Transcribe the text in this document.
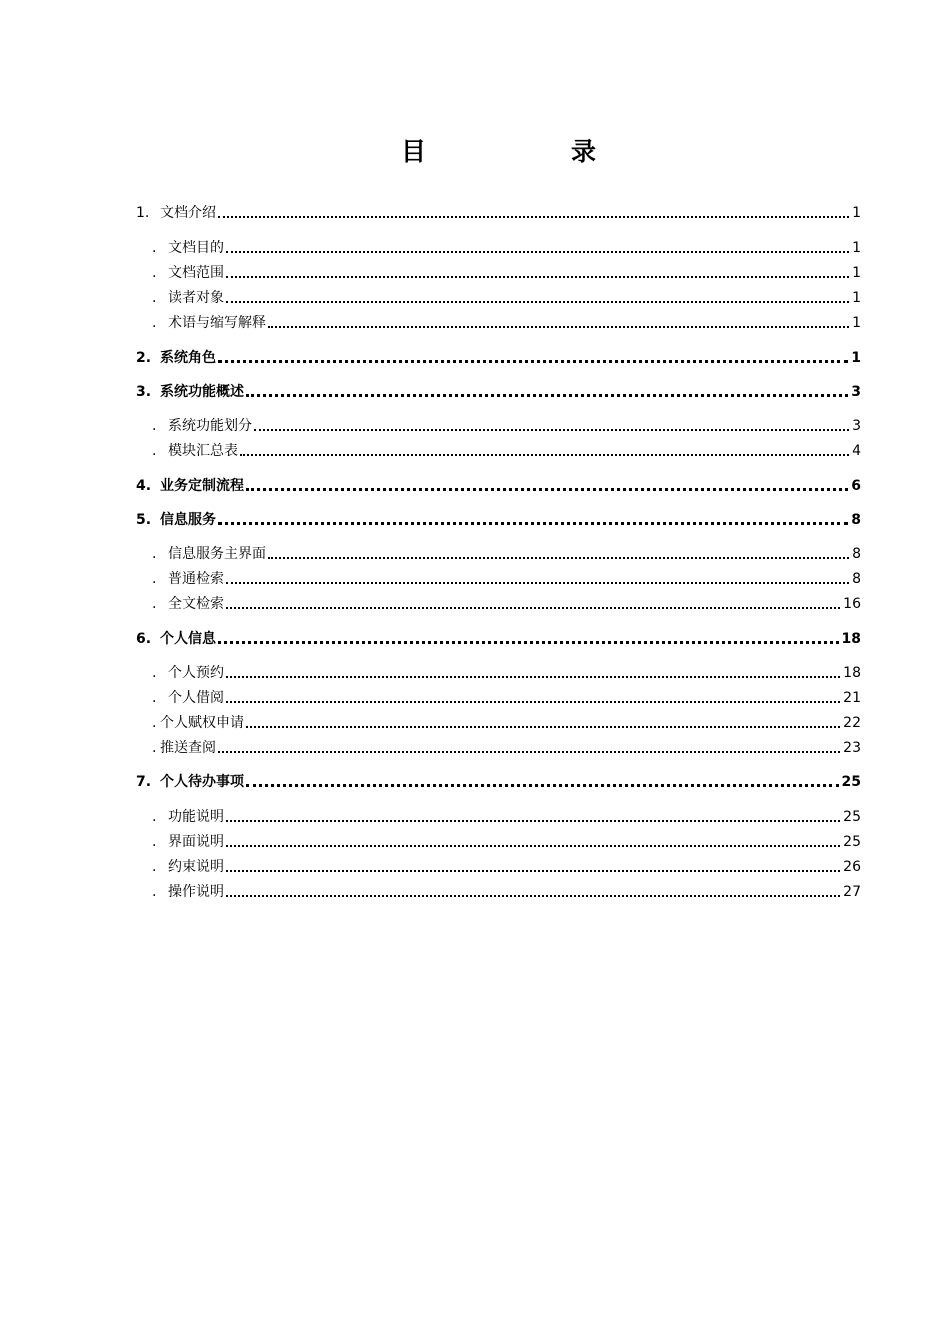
目	录
1. 文档介绍	1
. 文档目的	1
. 文档范围	1
. 读者对象	1
. 术语与缩写解释	1
2. 系统角色	1
3. 系统功能概述	3
. 系统功能划分	3
. 模块汇总表	4
4. 业务定制流程	6
5. 信息服务	8
. 信息服务主界面	8
. 普通检索	8
. 全文检索	16
6. 个人信息	18
. 个人预约	18
. 个人借阅	21
. 个人赋权申请	22
. 推送查阅	23
7. 个人待办事项	25
. 功能说明	25
. 界面说明	25
. 约束说明	26
. 操作说明	27
